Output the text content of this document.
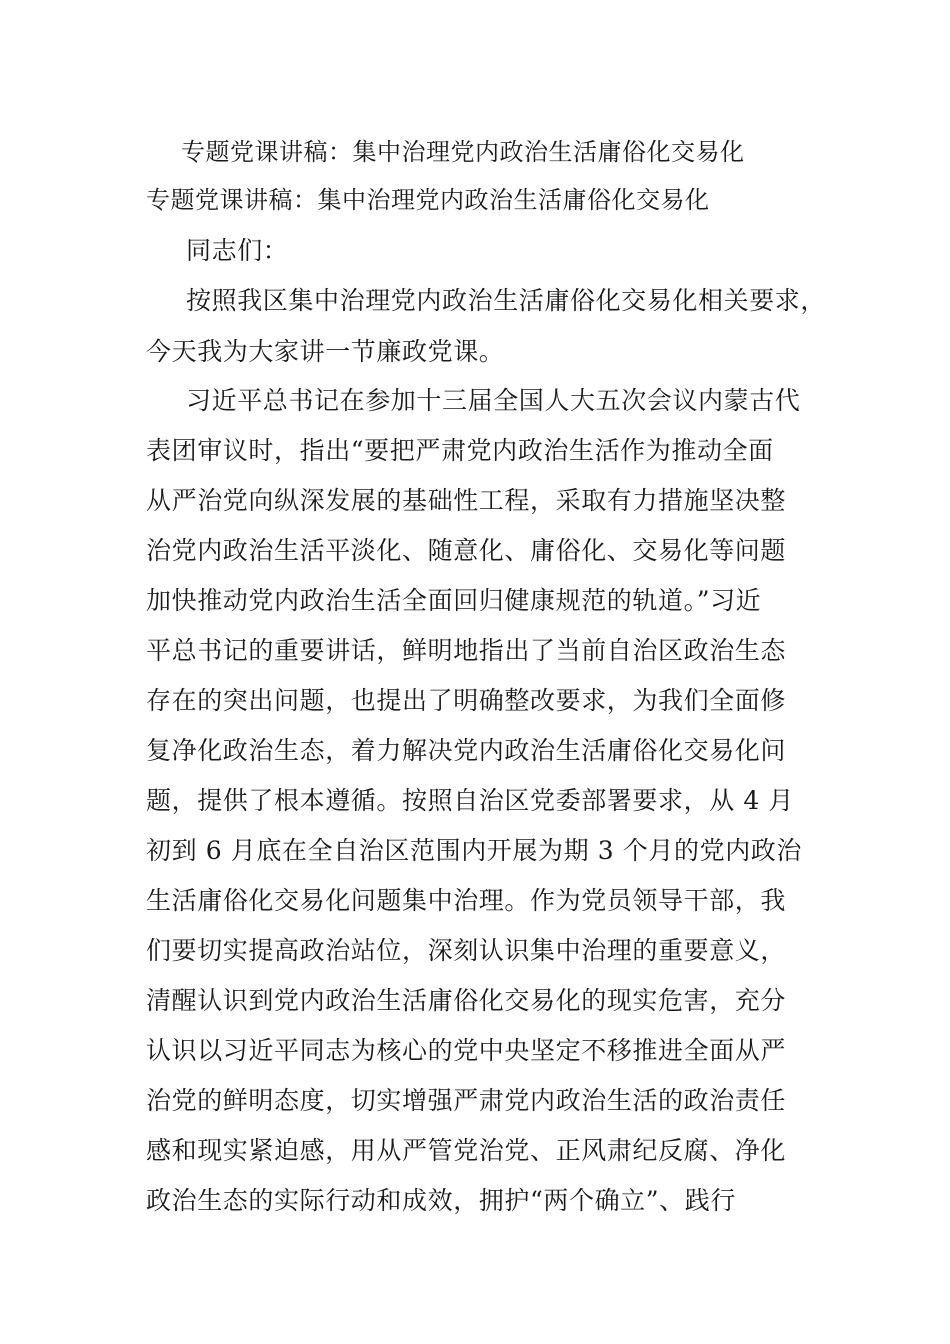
专题党课讲稿：集中治理党内政治生活庸俗化交易化
专题党课讲稿：集中治理党内政治生活庸俗化交易化
同志们：
按照我区集中治理党内政治生活庸俗化交易化相关要求，
今天我为大家讲一节廉政党课。
习近平总书记在参加十三届全国人大五次会议内蒙古代
表团审议时，指出“要把严肃党内政治生活作为推动全面
从严治党向纵深发展的基础性工程，采取有力措施坚决整
治党内政治生活平淡化、随意化、庸俗化、交易化等问题
加快推动党内政治生活全面回归健康规范的轨道。”习近
平总书记的重要讲话，鲜明地指出了当前自治区政治生态
存在的突出问题，也提出了明确整改要求，为我们全面修
复净化政治生态，着力解决党内政治生活庸俗化交易化问
题，提供了根本遵循。按照自治区党委部署要求，从 4 月
初到 6 月底在全自治区范围内开展为期 3 个月的党内政治
生活庸俗化交易化问题集中治理。作为党员领导干部，我
们要切实提高政治站位，深刻认识集中治理的重要意义，
清醒认识到党内政治生活庸俗化交易化的现实危害，充分
认识以习近平同志为核心的党中央坚定不移推进全面从严
治党的鲜明态度，切实增强严肃党内政治生活的政治责任
感和现实紧迫感，用从严管党治党、正风肃纪反腐、净化
政治生态的实际行动和成效，拥护“两个确立”、践行
